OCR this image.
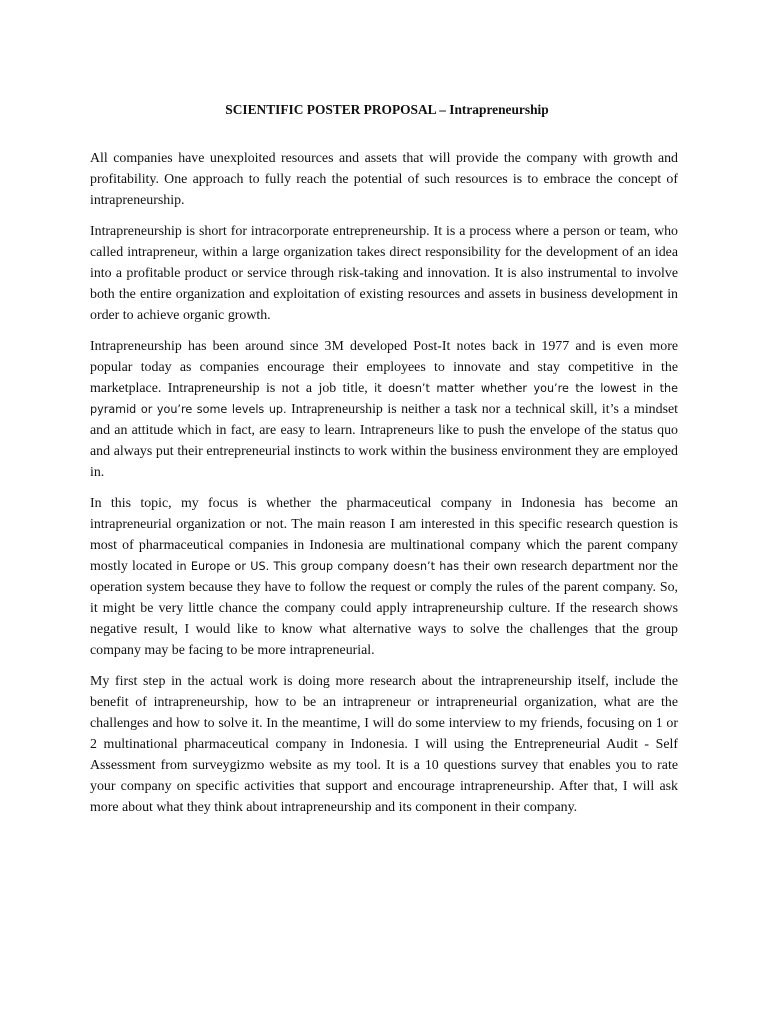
SCIENTIFIC POSTER PROPOSAL – Intrapreneurship

All companies have unexploited resources and assets that will provide the company with growth and profitability. One approach to fully reach the potential of such resources is to embrace the concept of intrapreneurship.

Intrapreneurship is short for intracorporate entrepreneurship. It is a process where a person or team, who called intrapreneur, within a large organization takes direct responsibility for the development of an idea into a profitable product or service through risk-taking and innovation. It is also instrumental to involve both the entire organization and exploitation of existing resources and assets in business development in order to achieve organic growth.

Intrapreneurship has been around since 3M developed Post-It notes back in 1977 and is even more popular today as companies encourage their employees to innovate and stay competitive in the marketplace. Intrapreneurship is not a job title, it doesn’t matter whether you’re the lowest in the pyramid or you’re some levels up. Intrapreneurship is neither a task nor a technical skill, it’s a mindset and an attitude which in fact, are easy to learn. Intrapreneurs like to push the envelope of the status quo and always put their entrepreneurial instincts to work within the business environment they are employed in.

In this topic, my focus is whether the pharmaceutical company in Indonesia has become an intrapreneurial organization or not. The main reason I am interested in this specific research question is most of pharmaceutical companies in Indonesia are multinational company which the parent company mostly located in Europe or US. This group company doesn’t has their own research department nor the operation system because they have to follow the request or comply the rules of the parent company. So, it might be very little chance the company could apply intrapreneurship culture. If the research shows negative result, I would like to know what alternative ways to solve the challenges that the group company may be facing to be more intrapreneurial.

My first step in the actual work is doing more research about the intrapreneurship itself, include the benefit of intrapreneurship, how to be an intrapreneur or intrapreneurial organization, what are the challenges and how to solve it. In the meantime, I will do some interview to my friends, focusing on 1 or 2 multinational pharmaceutical company in Indonesia. I will using the Entrepreneurial Audit - Self Assessment from surveygizmo website as my tool. It is a 10 questions survey that enables you to rate your company on specific activities that support and encourage intrapreneurship. After that, I will ask more about what they think about intrapreneurship and its component in their company.
